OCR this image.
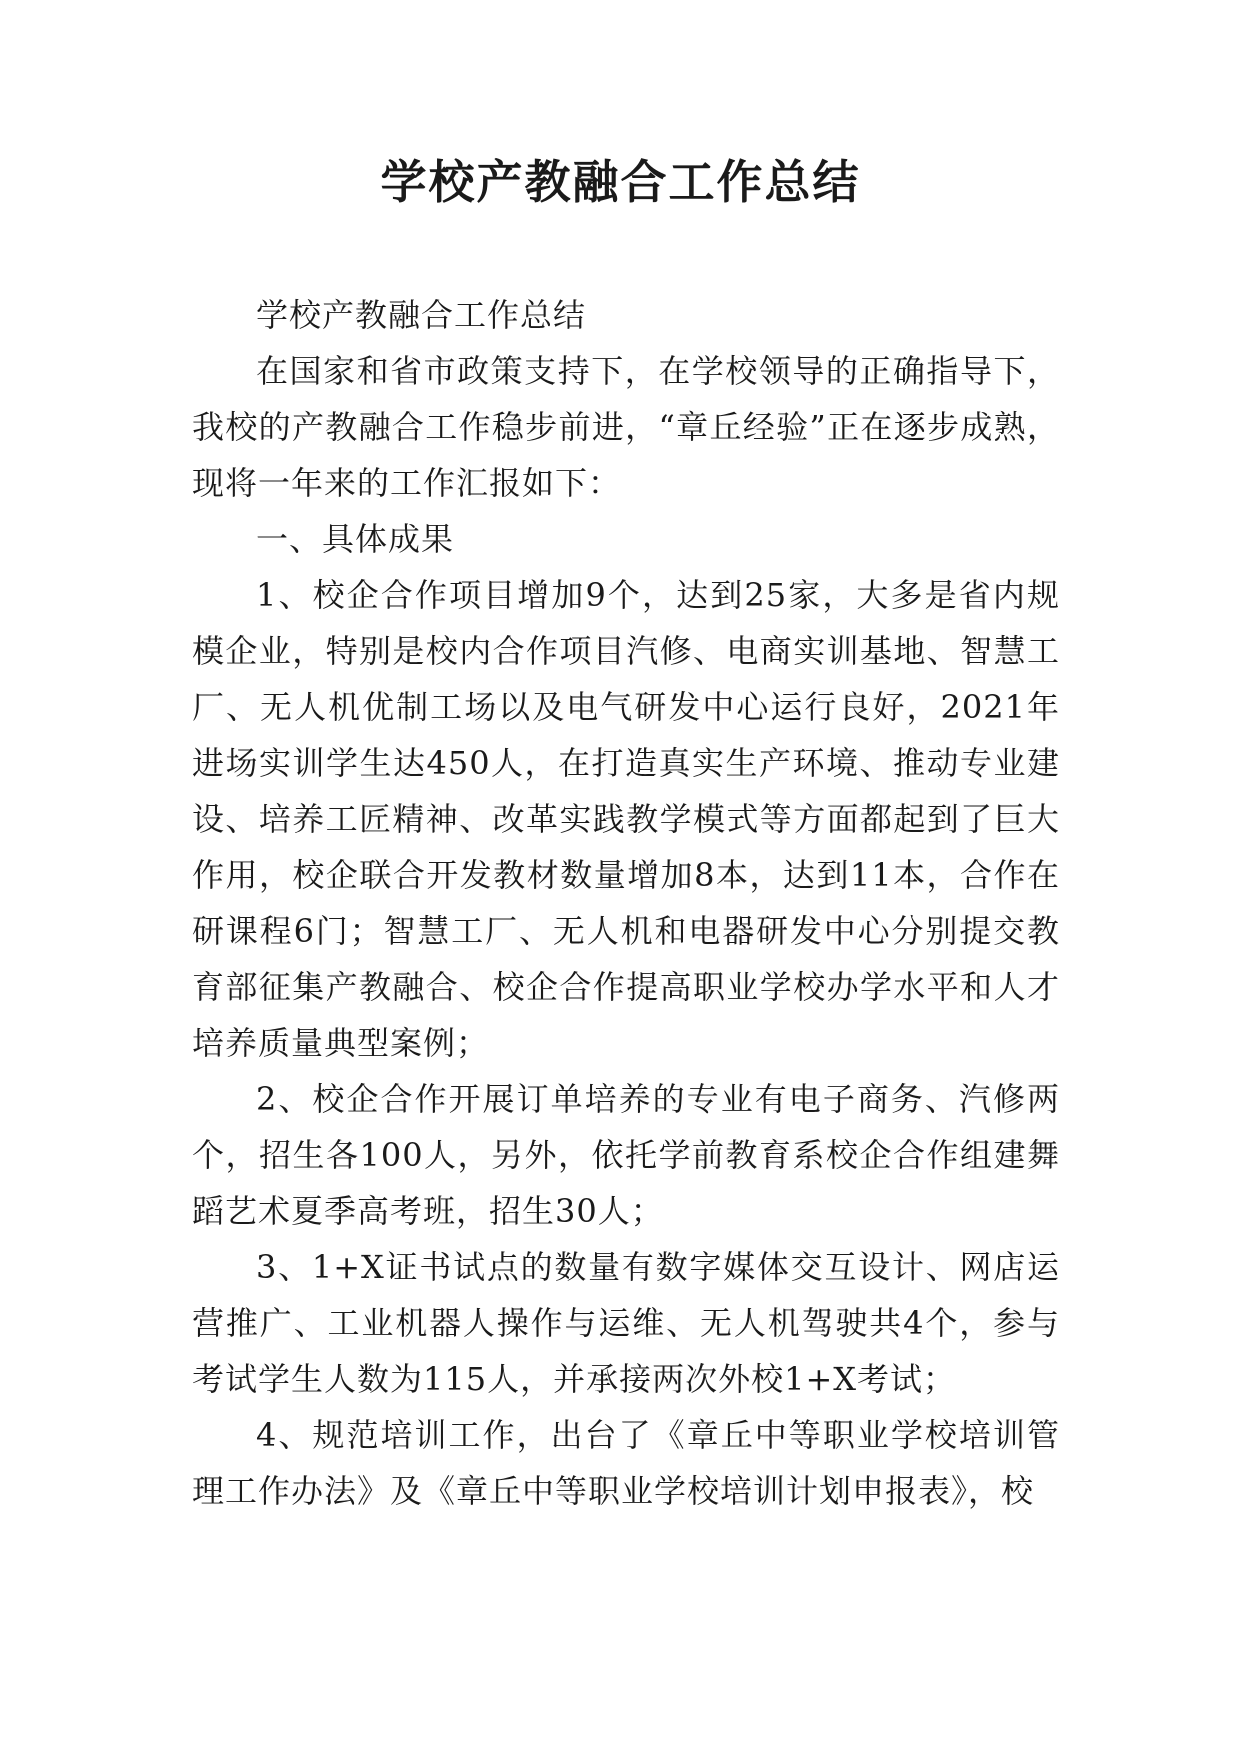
学校产教融合工作总结

学校产教融合工作总结

在国家和省市政策支持下，在学校领导的正确指导下，我校的产教融合工作稳步前进，“章丘经验”正在逐步成熟，现将一年来的工作汇报如下：

一、具体成果

1、校企合作项目增加9个，达到25家，大多是省内规模企业，特别是校内合作项目汽修、电商实训基地、智慧工厂、无人机优制工场以及电气研发中心运行良好，2021年进场实训学生达450人，在打造真实生产环境、推动专业建设、培养工匠精神、改革实践教学模式等方面都起到了巨大作用，校企联合开发教材数量增加8本，达到11本，合作在研课程6门；智慧工厂、无人机和电器研发中心分别提交教育部征集产教融合、校企合作提高职业学校办学水平和人才培养质量典型案例；

2、校企合作开展订单培养的专业有电子商务、汽修两个，招生各100人，另外，依托学前教育系校企合作组建舞蹈艺术夏季高考班，招生30人；

3、1+X证书试点的数量有数字媒体交互设计、网店运营推广、工业机器人操作与运维、无人机驾驶共4个，参与考试学生人数为115人，并承接两次外校1+X考试；

4、规范培训工作，出台了《章丘中等职业学校培训管理工作办法》及《章丘中等职业学校培训计划申报表》，校
